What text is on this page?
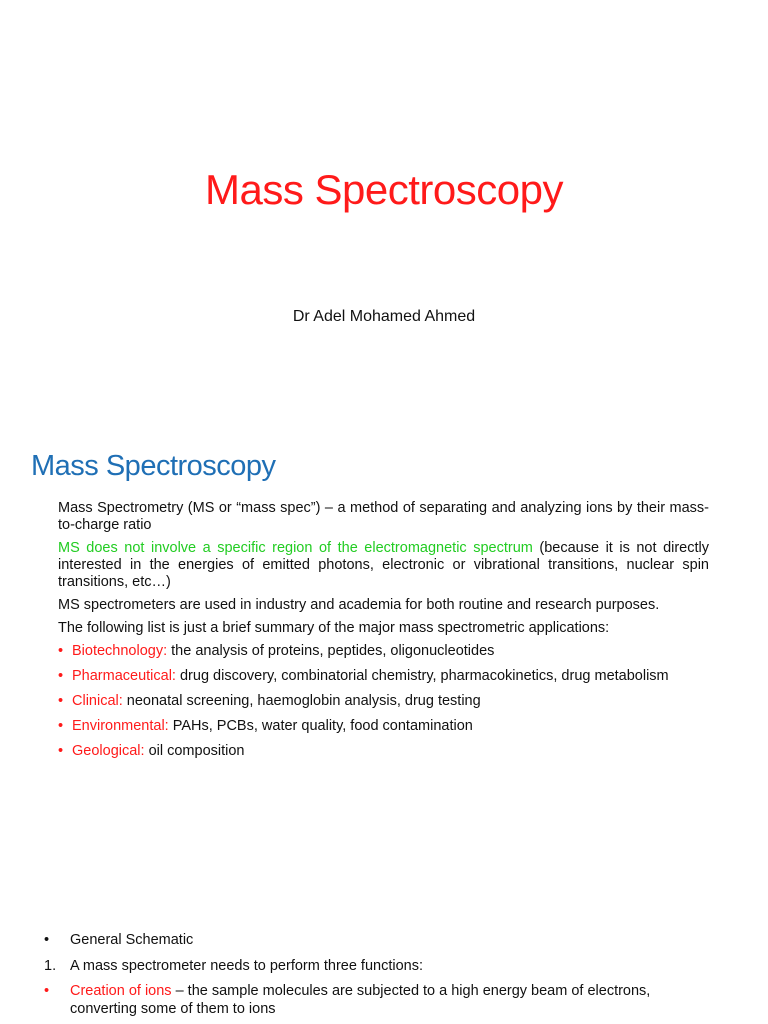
Mass Spectroscopy
Dr Adel Mohamed Ahmed
Mass Spectroscopy

Mass Spectrometry (MS or “mass spec”) – a method of separating and analyzing ions by their mass-to-charge ratio

MS does not involve a specific region of the electromagnetic spectrum (because it is not directly interested in the energies of emitted photons, electronic or vibrational transitions, nuclear spin transitions, etc…)

MS spectrometers are used in industry and academia for both routine and research purposes.

The following list is just a brief summary of the major mass spectrometric applications:

• Biotechnology: the analysis of proteins, peptides, oligonucleotides
• Pharmaceutical: drug discovery, combinatorial chemistry, pharmacokinetics, drug metabolism
• Clinical: neonatal screening, haemoglobin analysis, drug testing
• Environmental: PAHs, PCBs, water quality, food contamination
• Geological: oil composition
• General Schematic
1. A mass spectrometer needs to perform three functions:
• Creation of ions – the sample molecules are subjected to a high energy beam of electrons, converting some of them to ions
